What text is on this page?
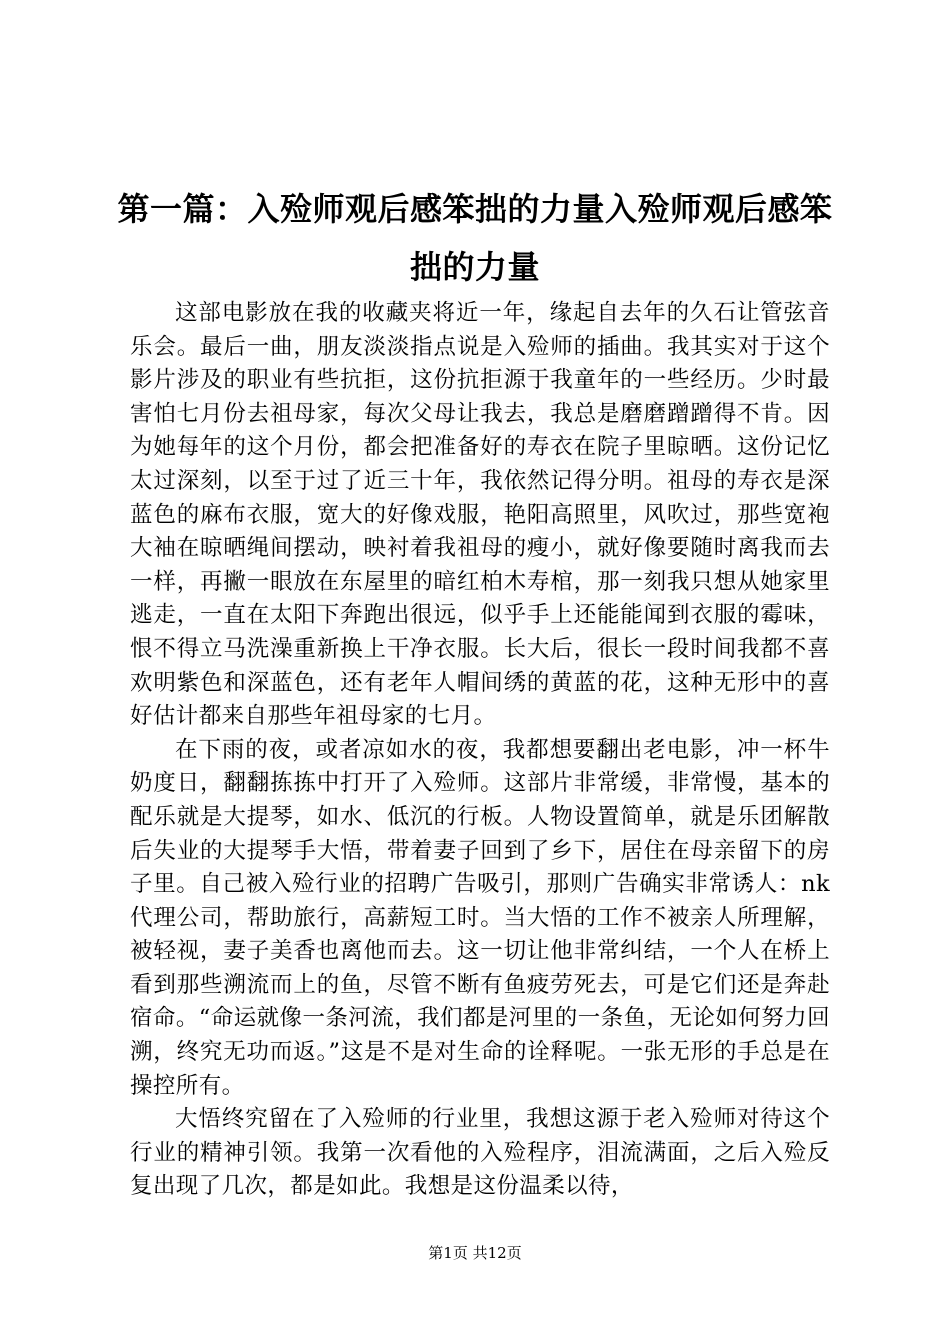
第一篇：入殓师观后感笨拙的力量入殓师观后感笨拙的力量

这部电影放在我的收藏夹将近一年，缘起自去年的久石让管弦音乐会。最后一曲，朋友淡淡指点说是入殓师的插曲。我其实对于这个影片涉及的职业有些抗拒，这份抗拒源于我童年的一些经历。少时最害怕七月份去祖母家，每次父母让我去，我总是磨磨蹭蹭得不肯。因为她每年的这个月份，都会把准备好的寿衣在院子里晾晒。这份记忆太过深刻，以至于过了近三十年，我依然记得分明。祖母的寿衣是深蓝色的麻布衣服，宽大的好像戏服，艳阳高照里，风吹过，那些宽袍大袖在晾晒绳间摆动，映衬着我祖母的瘦小，就好像要随时离我而去一样，再撇一眼放在东屋里的暗红柏木寿棺，那一刻我只想从她家里逃走，一直在太阳下奔跑出很远，似乎手上还能能闻到衣服的霉味，恨不得立马洗澡重新换上干净衣服。长大后，很长一段时间我都不喜欢明紫色和深蓝色，还有老年人帽间绣的黄蓝的花，这种无形中的喜好估计都来自那些年祖母家的七月。

在下雨的夜，或者凉如水的夜，我都想要翻出老电影，冲一杯牛奶度日，翻翻拣拣中打开了入殓师。这部片非常缓，非常慢，基本的配乐就是大提琴，如水、低沉的行板。人物设置简单，就是乐团解散后失业的大提琴手大悟，带着妻子回到了乡下，居住在母亲留下的房子里。自己被入殓行业的招聘广告吸引，那则广告确实非常诱人：nk代理公司，帮助旅行，高薪短工时。当大悟的工作不被亲人所理解，被轻视，妻子美香也离他而去。这一切让他非常纠结，一个人在桥上看到那些溯流而上的鱼，尽管不断有鱼疲劳死去，可是它们还是奔赴宿命。“命运就像一条河流，我们都是河里的一条鱼，无论如何努力回溯，终究无功而返。”这是不是对生命的诠释呢。一张无形的手总是在操控所有。

大悟终究留在了入殓师的行业里，我想这源于老入殓师对待这个行业的精神引领。我第一次看他的入殓程序，泪流满面，之后入殓反复出现了几次，都是如此。我想是这份温柔以待，

第1页 共12页
